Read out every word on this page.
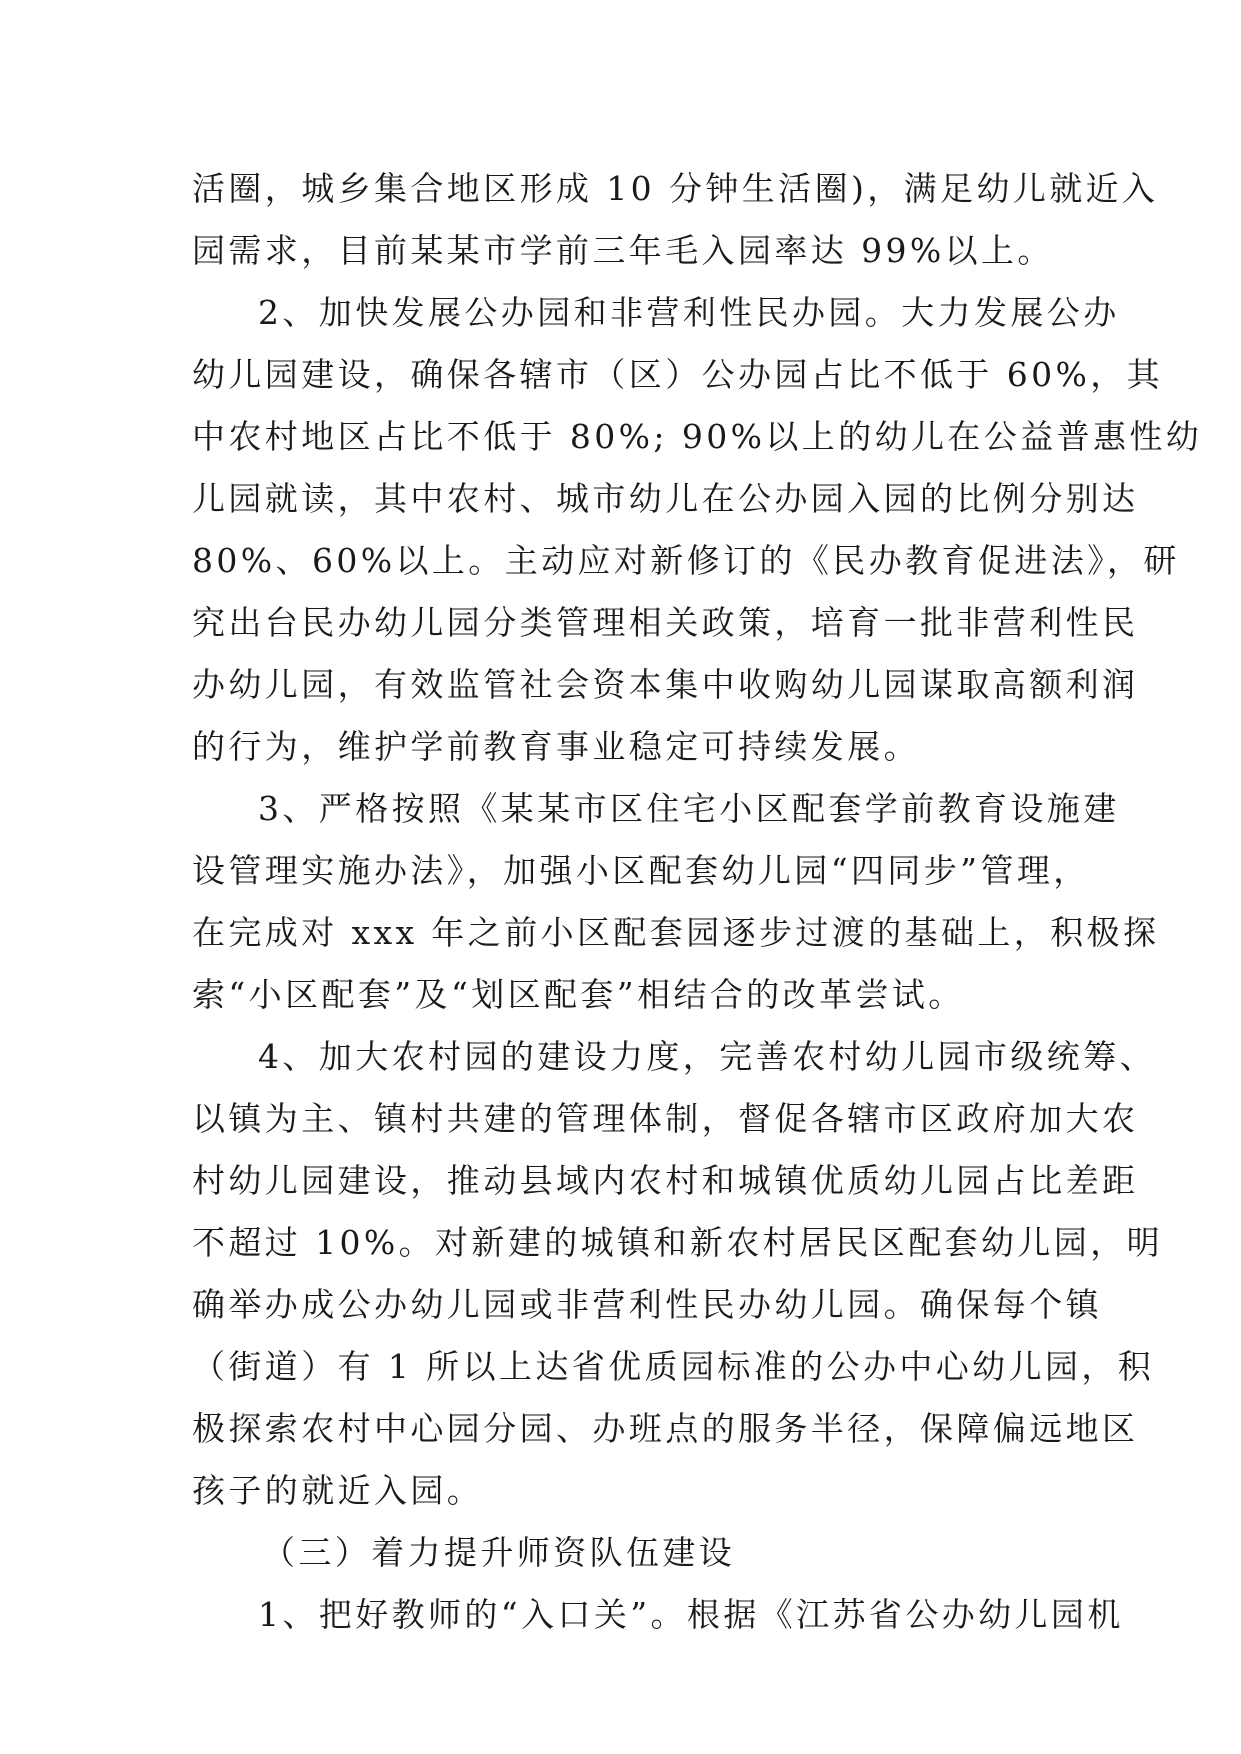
活圈，城乡集合地区形成 10 分钟生活圈)，满足幼儿就近入
园需求，目前某某市学前三年毛入园率达 99%以上。
2、加快发展公办园和非营利性民办园。大力发展公办
幼儿园建设，确保各辖市（区）公办园占比不低于 60%，其
中农村地区占比不低于 80%; 90%以上的幼儿在公益普惠性幼
儿园就读，其中农村、城市幼儿在公办园入园的比例分别达
80%、60%以上。主动应对新修订的《民办教育促进法》，研
究出台民办幼儿园分类管理相关政策，培育一批非营利性民
办幼儿园，有效监管社会资本集中收购幼儿园谋取高额利润
的行为，维护学前教育事业稳定可持续发展。
3、严格按照《某某市区住宅小区配套学前教育设施建
设管理实施办法》，加强小区配套幼儿园“四同步”管理，
在完成对 xxx 年之前小区配套园逐步过渡的基础上，积极探
索“小区配套”及“划区配套”相结合的改革尝试。
4、加大农村园的建设力度，完善农村幼儿园市级统筹、
以镇为主、镇村共建的管理体制，督促各辖市区政府加大农
村幼儿园建设，推动县域内农村和城镇优质幼儿园占比差距
不超过 10%。对新建的城镇和新农村居民区配套幼儿园，明
确举办成公办幼儿园或非营利性民办幼儿园。确保每个镇
（街道）有 1 所以上达省优质园标准的公办中心幼儿园，积
极探索农村中心园分园、办班点的服务半径，保障偏远地区
孩子的就近入园。
（三）着力提升师资队伍建设
1、把好教师的“入口关”。根据《江苏省公办幼儿园机
